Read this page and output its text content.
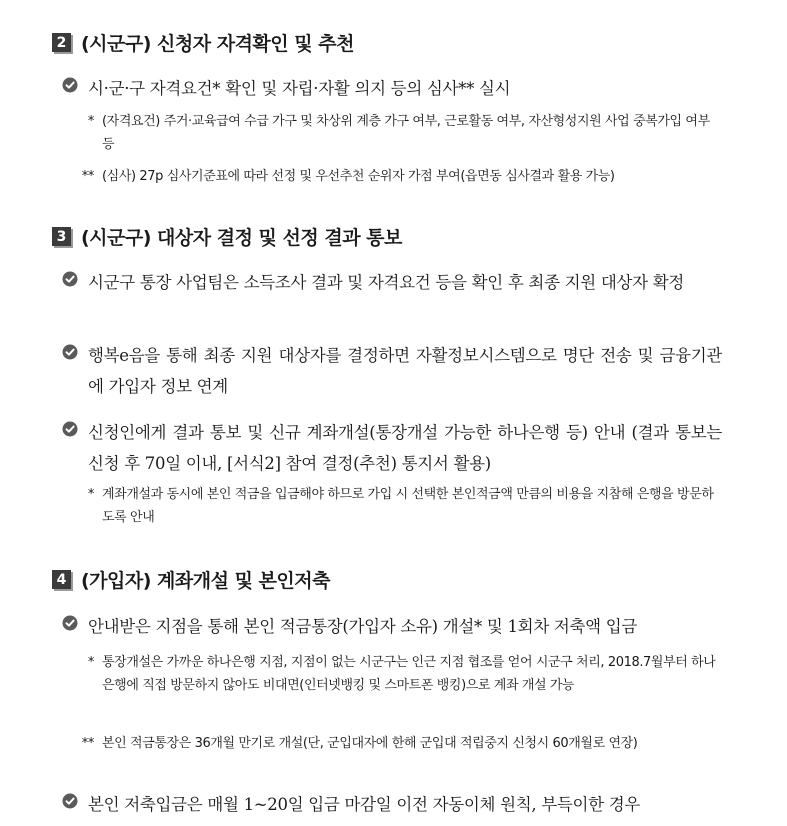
2 (시군구) 신청자 자격확인 및 추천
시·군·구 자격요건* 확인 및 자립·자활 의지 등의 심사** 실시
* (자격요건) 주거·교육급여 수급 가구 및 차상위 계층 가구 여부, 근로활동 여부, 자산형성지원 사업 중복가입 여부 등
** (심사) 27p 심사기준표에 따라 선정 및 우선추천 순위자 가점 부여(읍면동 심사결과 활용 가능)
3 (시군구) 대상자 결정 및 선정 결과 통보
시군구 통장 사업팀은 소득조사 결과 및 자격요건 등을 확인 후 최종 지원 대상자 확정
행복e음을 통해 최종 지원 대상자를 결정하면 자활정보시스템으로 명단 전송 및 금융기관에 가입자 정보 연계
신청인에게 결과 통보 및 신규 계좌개설(통장개설 가능한 하나은행 등) 안내 (결과 통보는 신청 후 70일 이내, [서식2] 참여 결정(추천) 통지서 활용)
* 계좌개설과 동시에 본인 적금을 입금해야 하므로 가입 시 선택한 본인적금액 만큼의 비용을 지참해 은행을 방문하도록 안내
4 (가입자) 계좌개설 및 본인저축
안내받은 지점을 통해 본인 적금통장(가입자 소유) 개설* 및 1회차 저축액 입금
* 통장개설은 가까운 하나은행 지점, 지점이 없는 시군구는 인근 지점 협조를 얻어 시군구 처리, 2018.7월부터 하나은행에 직접 방문하지 않아도 비대면(인터넷뱅킹 및 스마트폰 뱅킹)으로 계좌 개설 가능
** 본인 적금통장은 36개월 만기로 개설(단, 군입대자에 한해 군입대 적립중지 신청시 60개월로 연장)
본인 저축입금은 매월 1~20일 입금 마감일 이전 자동이체 원칙, 부득이한 경우
